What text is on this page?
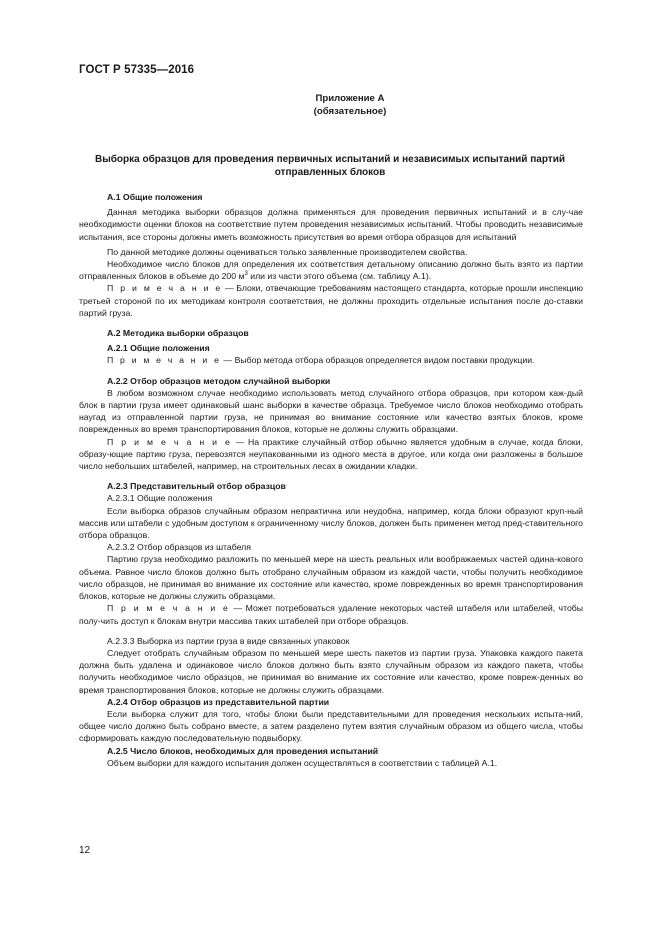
ГОСТ Р 57335—2016
Приложение А
(обязательное)
Выборка образцов для проведения первичных испытаний и независимых испытаний партий
отправленных блоков

А.1 Общие положения

Данная методика выборки образцов должна применяться для проведения первичных испытаний и в слу-чае необходимости оценки блоков на соответствие путем проведения независимых испытаний. Чтобы проводить независимые испытания, все стороны должны иметь возможность присутствия во время отбора образцов для испытаний

По данной методике должны оцениваться только заявленные производителем свойства.

Необходимое число блоков для определения их соответствия детальному описанию должно быть взято из партии отправленных блоков в объеме до 200 $м^3$ или из части этого объема (см. таблицу А.1).

П р и м е ч а н и е — Блоки, отвечающие требованиям настоящего стандарта, которые прошли инспекцию третьей стороной по их методикам контроля соответствия, не должны проходить отдельные испытания после до-ставки партий груза.

А.2 Методика выборки образцов

А.2.1 Общие положения

П р и м е ч а н и е — Выбор метода отбора образцов определяется видом поставки продукции.

А.2.2 Отбор образцов методом случайной выборки

В любом возможном случае необходимо использовать метод случайного отбора образцов, при котором каж-дый блок в партии груза имеет одинаковый шанс выборки в качестве образца. Требуемое число блоков необходимо отобрать наугад из отправленной партии груза, не принимая во внимание состояние или качество взятых блоков, кроме поврежденных во время транспортирования блоков, которые не должны служить образцами.

П р и м е ч а н и е — На практике случайный отбор обычно является удобным в случае, когда блоки, образу-ющие партию груза, перевозятся неупакованными из одного места в другое, или когда они разложены в большое число небольших штабелей, например, на строительных лесах в ожидании кладки.

А.2.3 Представительный отбор образцов

А.2.3.1 Общие положения

Если выборка образов случайным образом непрактична или неудобна, например, когда блоки образуют круп-ный массив или штабели с удобным доступом к ограниченному числу блоков, должен быть применен метод пред-ставительного отбора образцов.

А.2.3.2 Отбор образцов из штабеля

Партию груза необходимо разложить по меньшей мере на шесть реальных или воображаемых частей одина-кового объема. Равное число блоков должно быть отобрано случайным образом из каждой части, чтобы получить необходимое число образцов, не принимая во внимание их состояние или качество, кроме поврежденных во время транспортирования блоков, которые не должны служить образцами.

П р и м е ч а н и е — Может потребоваться удаление некоторых частей штабеля или штабелей, чтобы полу-чить доступ к блокам внутри массива таких штабелей при отборе образцов.

А.2.3.3 Выборка из партии груза в виде связанных упаковок

Следует отобрать случайным образом по меньшей мере шесть пакетов из партии груза. Упаковка каждого пакета должна быть удалена и одинаковое число блоков должно быть взято случайным образом из каждого пакета, чтобы получить необходимое число образцов, не принимая во внимание их состояние или качество, кроме повреж-денных во время транспортирования блоков, которые не должны служить образцами.

А.2.4 Отбор образцов из представительной партии

Если выборка служит для того, чтобы блоки были представительными для проведения нескольких испыта-ний, общее число должно быть собрано вместе, а затем разделено путем взятия случайным образом из общего числа, чтобы сформировать каждую последовательную подвыборку.

А.2.5 Число блоков, необходимых для проведения испытаний

Объем выборки для каждого испытания должен осуществляться в соответствии с таблицей А.1.

12
